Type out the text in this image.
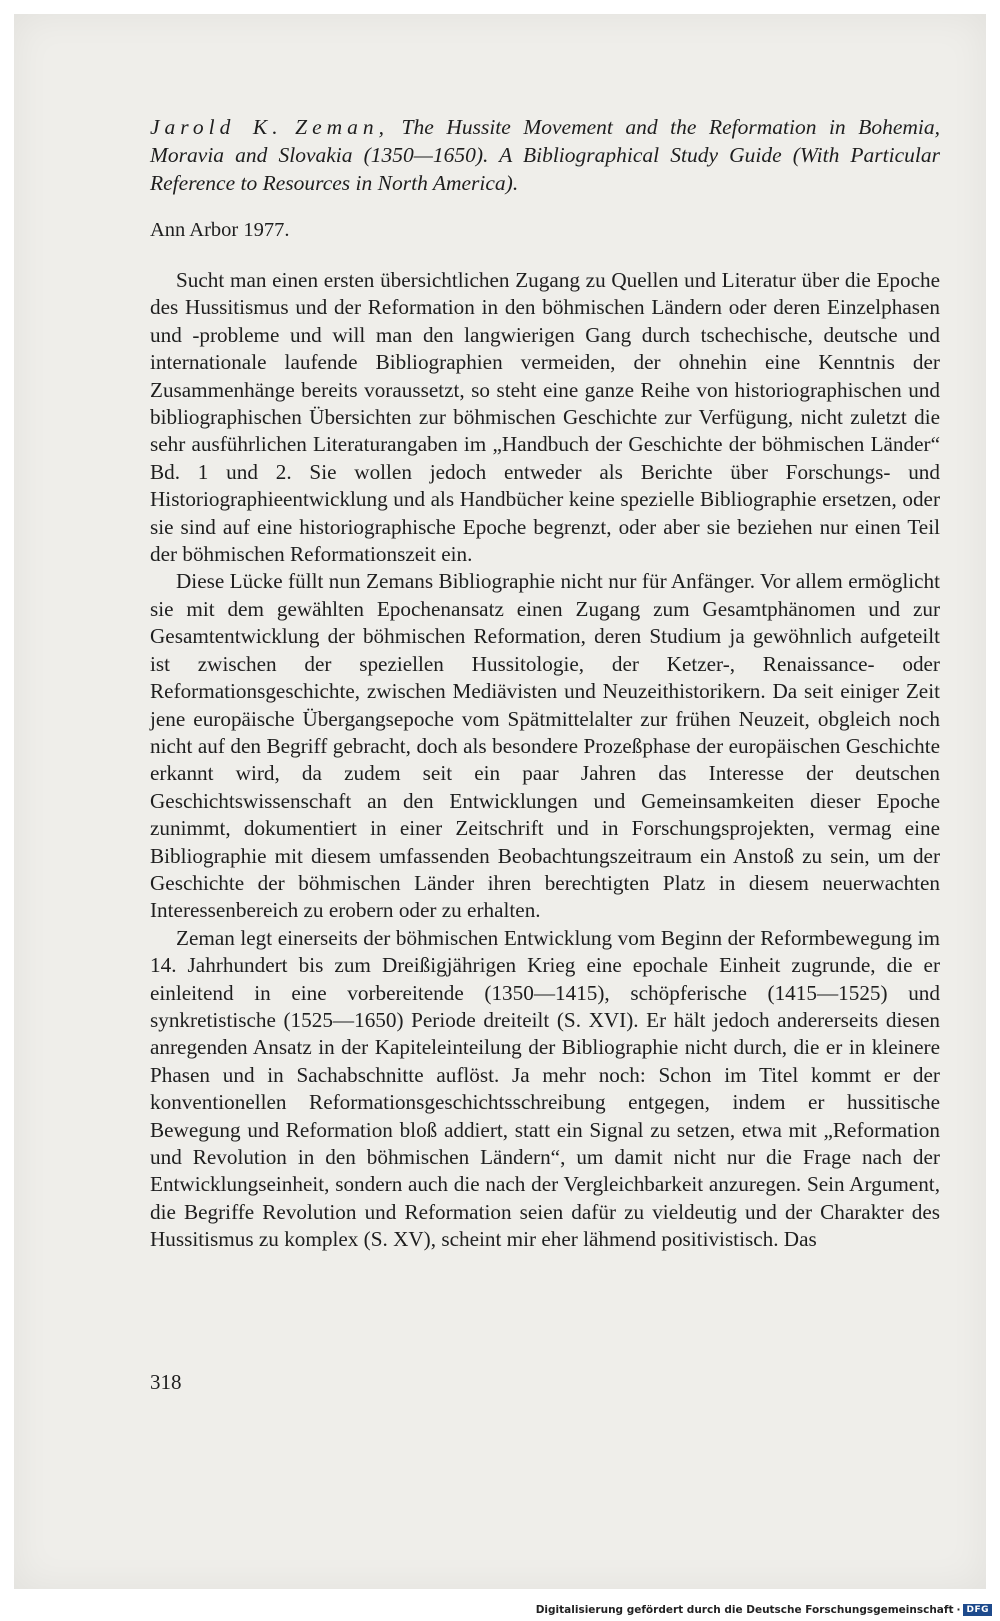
Jarold K. Zeman, The Hussite Movement and the Reformation in Bohemia, Moravia and Slovakia (1350—1650). A Bibliographical Study Guide (With Particular Reference to Resources in North America).
Ann Arbor 1977.

Sucht man einen ersten übersichtlichen Zugang zu Quellen und Literatur über die Epoche des Hussitismus und der Reformation in den böhmischen Ländern oder deren Einzelphasen und -probleme und will man den langwierigen Gang durch tschechische, deutsche und internationale laufende Bibliographien vermeiden, der ohnehin eine Kenntnis der Zusammenhänge bereits voraussetzt, so steht eine ganze Reihe von historiographischen und bibliographischen Übersichten zur böhmischen Geschichte zur Verfügung, nicht zuletzt die sehr ausführlichen Literaturangaben im „Handbuch der Geschichte der böhmischen Länder“ Bd. 1 und 2. Sie wollen jedoch entweder als Berichte über Forschungs- und Historiographieentwicklung und als Handbücher keine spezielle Bibliographie ersetzen, oder sie sind auf eine historiographische Epoche begrenzt, oder aber sie beziehen nur einen Teil der böhmischen Reformationszeit ein.

Diese Lücke füllt nun Zemans Bibliographie nicht nur für Anfänger. Vor allem ermöglicht sie mit dem gewählten Epochenansatz einen Zugang zum Gesamtphänomen und zur Gesamtentwicklung der böhmischen Reformation, deren Studium ja gewöhnlich aufgeteilt ist zwischen der speziellen Hussitologie, der Ketzer-, Renaissance- oder Reformationsgeschichte, zwischen Mediävisten und Neuzeithistorikern. Da seit einiger Zeit jene europäische Übergangsepoche vom Spätmittelalter zur frühen Neuzeit, obgleich noch nicht auf den Begriff gebracht, doch als besondere Prozeßphase der europäischen Geschichte erkannt wird, da zudem seit ein paar Jahren das Interesse der deutschen Geschichtswissenschaft an den Entwicklungen und Gemeinsamkeiten dieser Epoche zunimmt, dokumentiert in einer Zeitschrift und in Forschungsprojekten, vermag eine Bibliographie mit diesem umfassenden Beobachtungszeitraum ein Anstoß zu sein, um der Geschichte der böhmischen Länder ihren berechtigten Platz in diesem neuerwachten Interessenbereich zu erobern oder zu erhalten.

Zeman legt einerseits der böhmischen Entwicklung vom Beginn der Reformbewegung im 14. Jahrhundert bis zum Dreißigjährigen Krieg eine epochale Einheit zugrunde, die er einleitend in eine vorbereitende (1350—1415), schöpferische (1415—1525) und synkretistische (1525—1650) Periode dreiteilt (S. XVI). Er hält jedoch andererseits diesen anregenden Ansatz in der Kapiteleinteilung der Bibliographie nicht durch, die er in kleinere Phasen und in Sachabschnitte auflöst. Ja mehr noch: Schon im Titel kommt er der konventionellen Reformationsgeschichtsschreibung entgegen, indem er hussitische Bewegung und Reformation bloß addiert, statt ein Signal zu setzen, etwa mit „Reformation und Revolution in den böhmischen Ländern“, um damit nicht nur die Frage nach der Entwicklungseinheit, sondern auch die nach der Vergleichbarkeit anzuregen. Sein Argument, die Begriffe Revolution und Reformation seien dafür zu vieldeutig und der Charakter des Hussitismus zu komplex (S. XV), scheint mir eher lähmend positivistisch. Das

318
Digitalisierung gefördert durch die Deutsche Forschungsgemeinschaft · DFG
